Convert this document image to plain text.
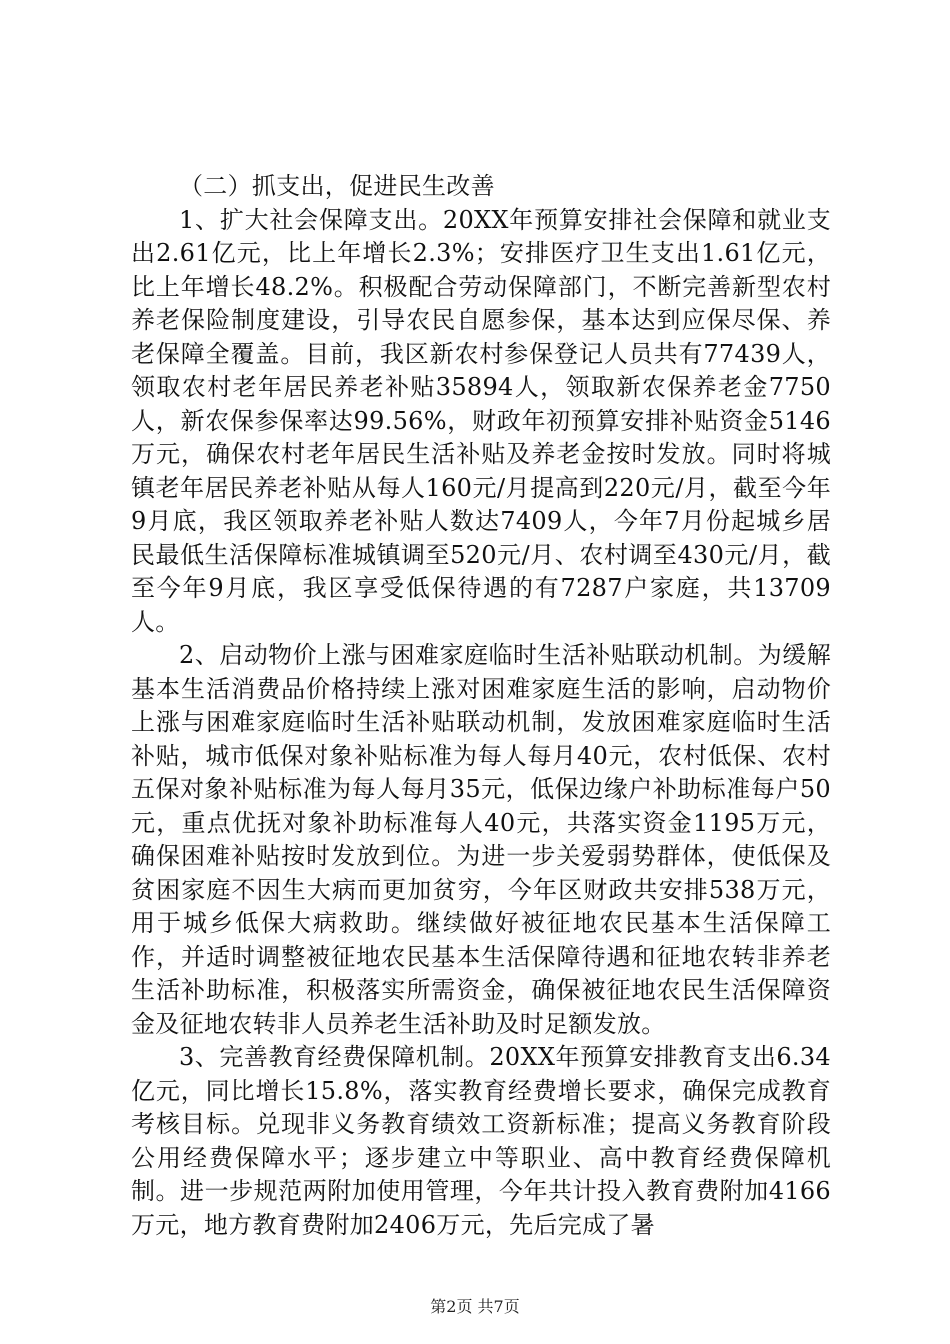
（二）抓支出，促进民生改善

1、扩大社会保障支出。20XX年预算安排社会保障和就业支出2.61亿元，比上年增长2.3%；安排医疗卫生支出1.61亿元，比上年增长48.2%。积极配合劳动保障部门，不断完善新型农村养老保险制度建设，引导农民自愿参保，基本达到应保尽保、养老保障全覆盖。目前，我区新农村参保登记人员共有77439人，领取农村老年居民养老补贴35894人，领取新农保养老金7750人，新农保参保率达99.56%，财政年初预算安排补贴资金5146万元，确保农村老年居民生活补贴及养老金按时发放。同时将城镇老年居民养老补贴从每人160元/月提高到220元/月，截至今年9月底，我区领取养老补贴人数达7409人，今年7月份起城乡居民最低生活保障标准城镇调至520元/月、农村调至430元/月，截至今年9月底，我区享受低保待遇的有7287户家庭，共13709人。

2、启动物价上涨与困难家庭临时生活补贴联动机制。为缓解基本生活消费品价格持续上涨对困难家庭生活的影响，启动物价上涨与困难家庭临时生活补贴联动机制，发放困难家庭临时生活补贴，城市低保对象补贴标准为每人每月40元，农村低保、农村五保对象补贴标准为每人每月35元，低保边缘户补助标准每户50元，重点优抚对象补助标准每人40元，共落实资金1195万元，确保困难补贴按时发放到位。为进一步关爱弱势群体，使低保及贫困家庭不因生大病而更加贫穷，今年区财政共安排538万元，用于城乡低保大病救助。继续做好被征地农民基本生活保障工作，并适时调整被征地农民基本生活保障待遇和征地农转非养老生活补助标准，积极落实所需资金，确保被征地农民生活保障资金及征地农转非人员养老生活补助及时足额发放。

3、完善教育经费保障机制。20XX年预算安排教育支出6.34亿元，同比增长15.8%，落实教育经费增长要求，确保完成教育考核目标。兑现非义务教育绩效工资新标准；提高义务教育阶段公用经费保障水平；逐步建立中等职业、高中教育经费保障机制。进一步规范两附加使用管理，今年共计投入教育费附加4166万元，地方教育费附加2406万元，先后完成了暑

第2页 共7页
